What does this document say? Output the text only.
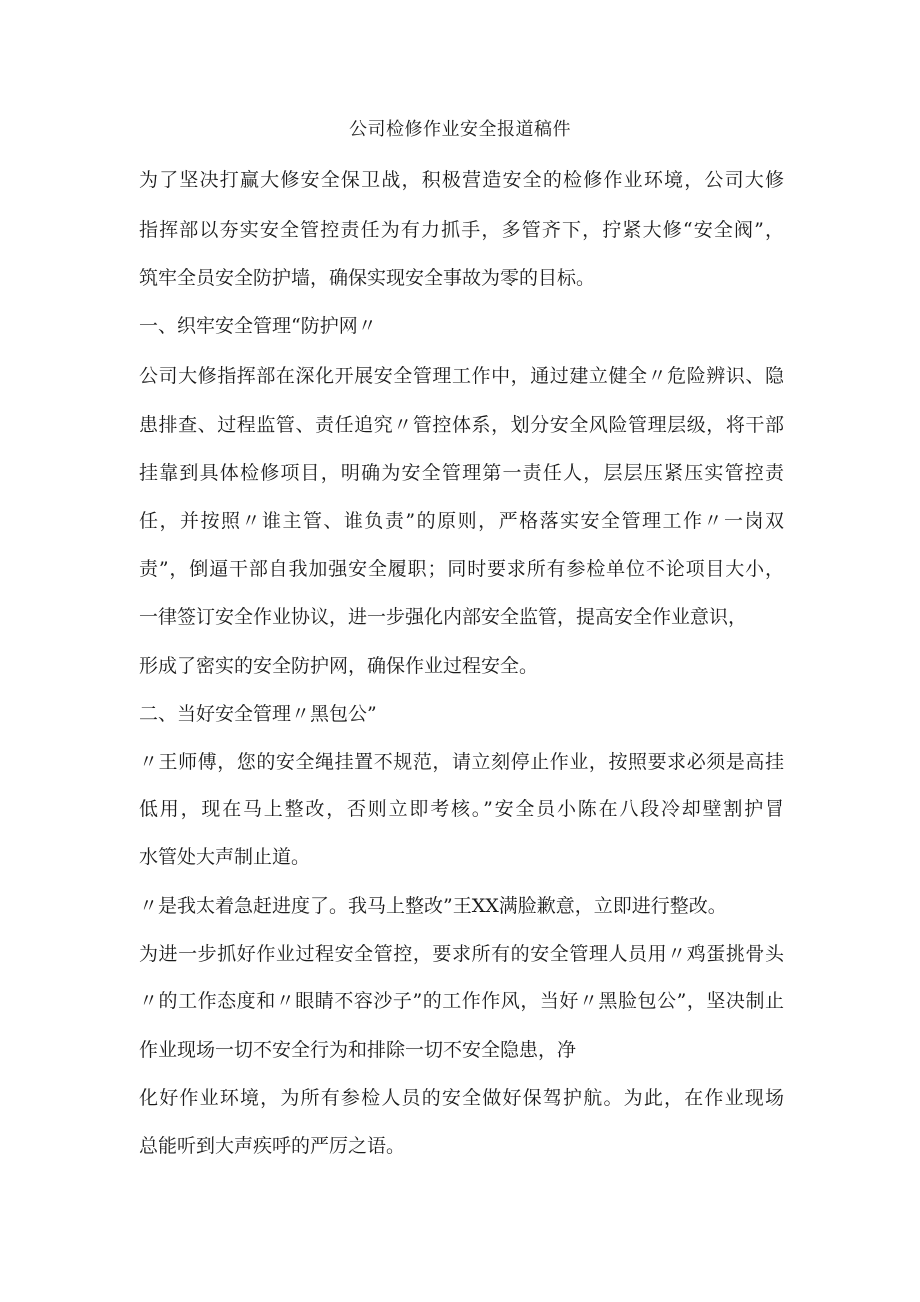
公司检修作业安全报道稿件
为了坚决打赢大修安全保卫战，积极营造安全的检修作业环境，公司大修
指挥部以夯实安全管控责任为有力抓手，多管齐下，拧紧大修“安全阀”，
筑牢全员安全防护墙，确保实现安全事故为零的目标。
一、织牢安全管理“防护网〃
公司大修指挥部在深化开展安全管理工作中，通过建立健全〃危险辨识、隐
患排查、过程监管、责任追究〃管控体系，划分安全风险管理层级，将干部
挂靠到具体检修项目，明确为安全管理第一责任人，层层压紧压实管控责
任，并按照〃谁主管、谁负责”的原则，严格落实安全管理工作〃一岗双
责”，倒逼干部自我加强安全履职；同时要求所有参检单位不论项目大小，
一律签订安全作业协议，进一步强化内部安全监管，提高安全作业意识，
形成了密实的安全防护网，确保作业过程安全。
二、当好安全管理〃黑包公”
〃王师傅，您的安全绳挂置不规范，请立刻停止作业，按照要求必须是高挂
低用，现在马上整改，否则立即考核。”安全员小陈在八段冷却壁割护冒
水管处大声制止道。
〃是我太着急赶进度了。我马上整改”王XX满脸歉意，立即进行整改。
为进一步抓好作业过程安全管控，要求所有的安全管理人员用〃鸡蛋挑骨头
〃的工作态度和〃眼睛不容沙子”的工作作风，当好〃黑脸包公”，坚决制止
作业现场一切不安全行为和排除一切不安全隐患，净
化好作业环境，为所有参检人员的安全做好保驾护航。为此，在作业现场
总能听到大声疾呼的严厉之语。
